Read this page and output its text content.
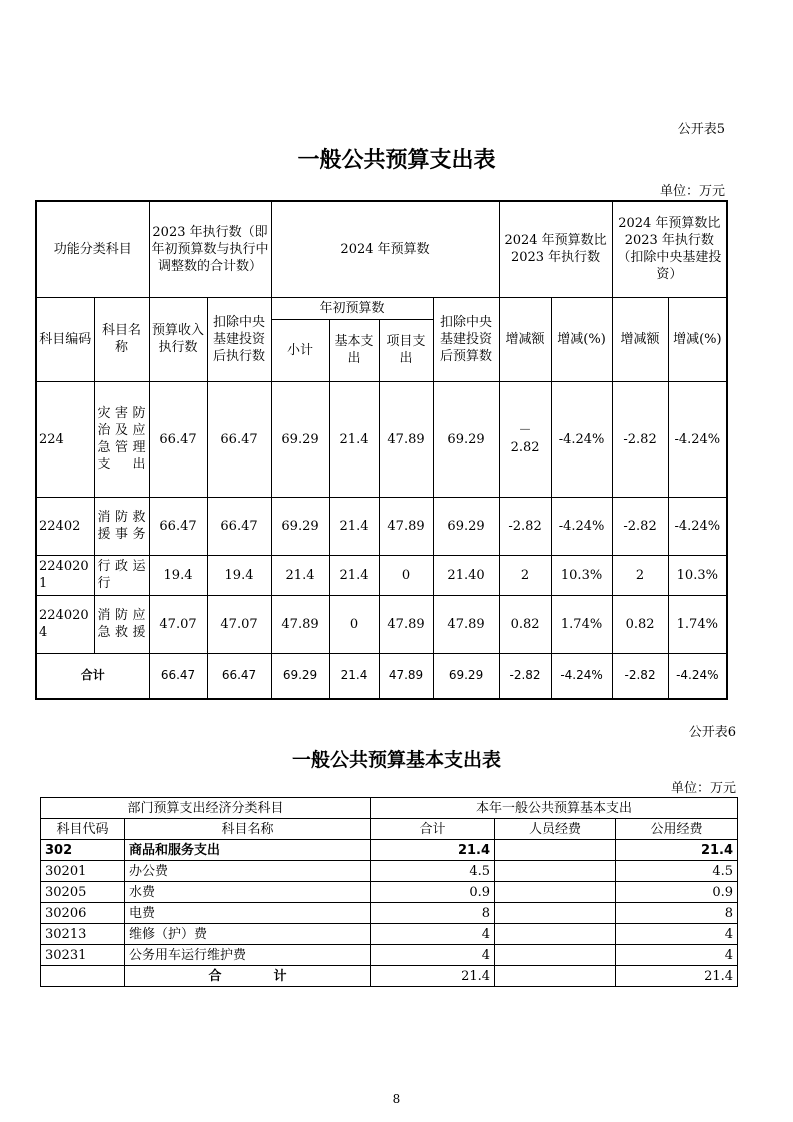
公开表5
一般公共预算支出表
单位：万元
功能分类科目		2023 年执行数（即年初预算数与执行中调整数的合计数）		2024 年预算数				2024 年预算数比 2023 年执行数		2024 年预算数比 2023 年执行数（扣除中央基建投资）	
科目编码	科目名称	预算收入执行数	扣除中央基建投资后执行数	年初预算数			扣除中央基建投资后预算数	增减额	增减(%)	增减额	增减(%)
				小计	基本支出	项目支出					
224	灾害防治及应急管理支出	66.47	66.47	69.29	21.4	47.89	69.29	－2.82	-4.24%	-2.82	-4.24%
22402	消防救援事务	66.47	66.47	69.29	21.4	47.89	69.29	-2.82	-4.24%	-2.82	-4.24%
2240201	行政运行	19.4	19.4	21.4	21.4	0	21.40	2	10.3%	2	10.3%
2240204	消防应急救援	47.07	47.07	47.89	0	47.89	47.89	0.82	1.74%	0.82	1.74%
合计		66.47	66.47	69.29	21.4	47.89	69.29	-2.82	-4.24%	-2.82	-4.24%
公开表6
一般公共预算基本支出表
单位：万元
部门预算支出经济分类科目		本年一般公共预算基本支出		
科目代码	科目名称	合计	人员经费	公用经费
302	商品和服务支出	21.4		21.4
30201	办公费	4.5		4.5
30205	水费	0.9		0.9
30206	电费	8		8
30213	维修（护）费	4		4
30231	公务用车运行维护费	4		4
	合　　　　计	21.4		21.4
8
